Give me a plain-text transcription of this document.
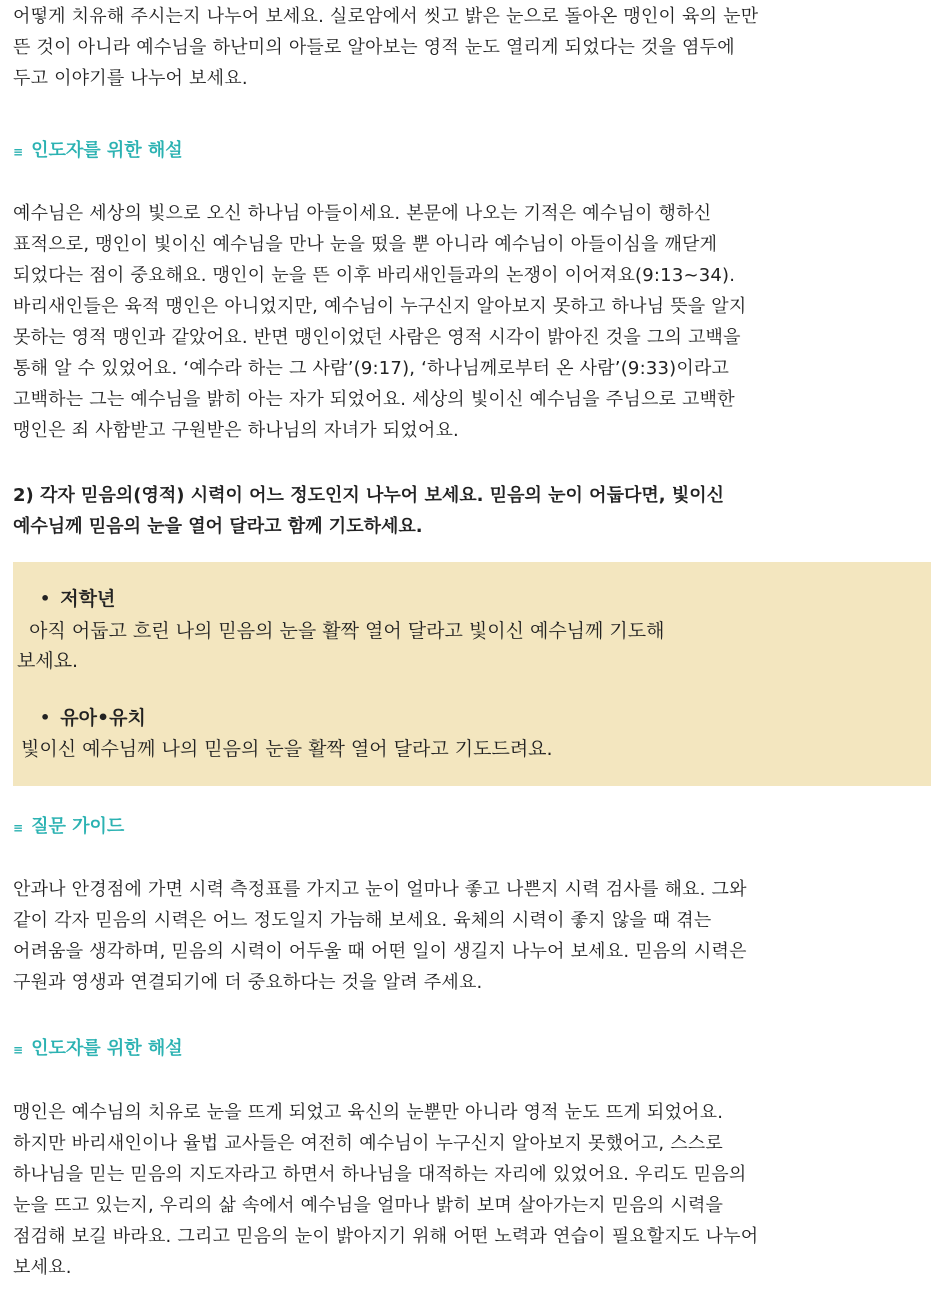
어떻게 치유해 주시는지 나누어 보세요. 실로암에서 씻고 밝은 눈으로 돌아온 맹인이 육의 눈만
뜬 것이 아니라 예수님을 하난미의 아들로 알아보는 영적 눈도 열리게 되었다는 것을 염두에
두고 이야기를 나누어 보세요.
≡ 인도자를 위한 해설
예수님은 세상의 빛으로 오신 하나님 아들이세요. 본문에 나오는 기적은 예수님이 행하신
표적으로, 맹인이 빛이신 예수님을 만나 눈을 떴을 뿐 아니라 예수님이 아들이심을 깨닫게
되었다는 점이 중요해요. 맹인이 눈을 뜬 이후 바리새인들과의 논쟁이 이어져요(9:13~34).
바리새인들은 육적 맹인은 아니었지만, 예수님이 누구신지 알아보지 못하고 하나님 뜻을 알지
못하는 영적 맹인과 같았어요. 반면 맹인이었던 사람은 영적 시각이 밝아진 것을 그의 고백을
통해 알 수 있었어요. ‘예수라 하는 그 사람’(9:17), ‘하나님께로부터 온 사람’(9:33)이라고
고백하는 그는 예수님을 밝히 아는 자가 되었어요. 세상의 빛이신 예수님을 주님으로 고백한
맹인은 죄 사함받고 구원받은 하나님의 자녀가 되었어요.
2) 각자 믿음의(영적) 시력이 어느 정도인지 나누어 보세요. 믿음의 눈이 어둡다면, 빛이신
예수님께 믿음의 눈을 열어 달라고 함께 기도하세요.
• 저학년
아직 어둡고 흐린 나의 믿음의 눈을 활짝 열어 달라고 빛이신 예수님께 기도해
보세요.
• 유아•유치
빛이신 예수님께 나의 믿음의 눈을 활짝 열어 달라고 기도드려요.
≡ 질문 가이드
안과나 안경점에 가면 시력 측정표를 가지고 눈이 얼마나 좋고 나쁜지 시력 검사를 해요. 그와
같이 각자 믿음의 시력은 어느 정도일지 가늠해 보세요. 육체의 시력이 좋지 않을 때 겪는
어려움을 생각하며, 믿음의 시력이 어두울 때 어떤 일이 생길지 나누어 보세요. 믿음의 시력은
구원과 영생과 연결되기에 더 중요하다는 것을 알려 주세요.
≡ 인도자를 위한 해설
맹인은 예수님의 치유로 눈을 뜨게 되었고 육신의 눈뿐만 아니라 영적 눈도 뜨게 되었어요.
하지만 바리새인이나 율법 교사들은 여전히 예수님이 누구신지 알아보지 못했어고, 스스로
하나님을 믿는 믿음의 지도자라고 하면서 하나님을 대적하는 자리에 있었어요. 우리도 믿음의
눈을 뜨고 있는지, 우리의 삶 속에서 예수님을 얼마나 밝히 보며 살아가는지 믿음의 시력을
점검해 보길 바라요. 그리고 믿음의 눈이 밝아지기 위해 어떤 노력과 연습이 필요할지도 나누어
보세요.
